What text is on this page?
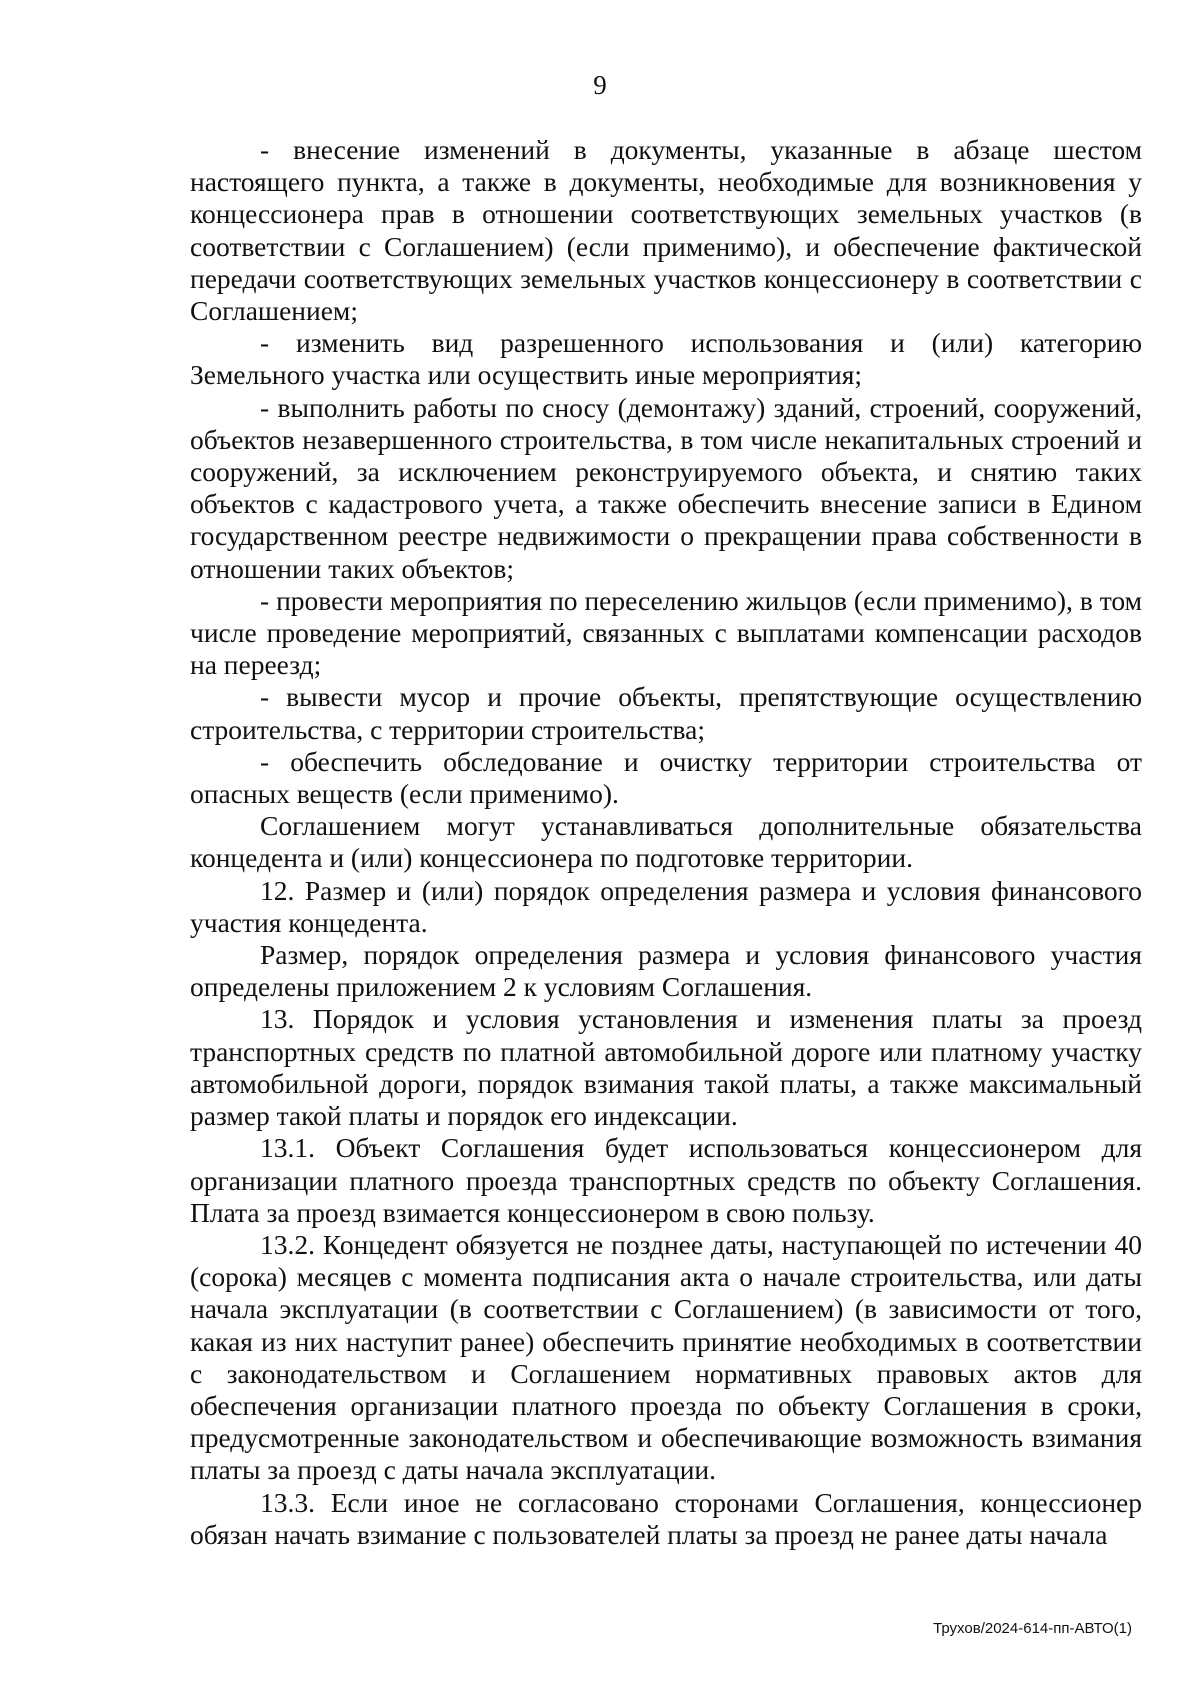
9

- внесение изменений в документы, указанные в абзаце шестом настоящего пункта, а также в документы, необходимые для возникновения у концессионера прав в отношении соответствующих земельных участков (в соответствии с Соглашением) (если применимо), и обеспечение фактической передачи соответствующих земельных участков концессионеру в соответствии с Соглашением;

- изменить вид разрешенного использования и (или) категорию Земельного участка или осуществить иные мероприятия;

- выполнить работы по сносу (демонтажу) зданий, строений, сооружений, объектов незавершенного строительства, в том числе некапитальных строений и сооружений, за исключением реконструируемого объекта, и снятию таких объектов с кадастрового учета, а также обеспечить внесение записи в Едином государственном реестре недвижимости о прекращении права собственности в отношении таких объектов;

- провести мероприятия по переселению жильцов (если применимо), в том числе проведение мероприятий, связанных с выплатами компенсации расходов на переезд;

- вывести мусор и прочие объекты, препятствующие осуществлению строительства, с территории строительства;

- обеспечить обследование и очистку территории строительства от опасных веществ (если применимо).

Соглашением могут устанавливаться дополнительные обязательства концедента и (или) концессионера по подготовке территории.

12. Размер и (или) порядок определения размера и условия финансового участия концедента.

Размер, порядок определения размера и условия финансового участия определены приложением 2 к условиям Соглашения.

13. Порядок и условия установления и изменения платы за проезд транспортных средств по платной автомобильной дороге или платному участку автомобильной дороги, порядок взимания такой платы, а также максимальный размер такой платы и порядок его индексации.

13.1. Объект Соглашения будет использоваться концессионером для организации платного проезда транспортных средств по объекту Соглашения. Плата за проезд взимается концессионером в свою пользу.

13.2. Концедент обязуется не позднее даты, наступающей по истечении 40 (сорока) месяцев с момента подписания акта о начале строительства, или даты начала эксплуатации (в соответствии с Соглашением) (в зависимости от того, какая из них наступит ранее) обеспечить принятие необходимых в соответствии с законодательством и Соглашением нормативных правовых актов для обеспечения организации платного проезда по объекту Соглашения в сроки, предусмотренные законодательством и обеспечивающие возможность взимания платы за проезд с даты начала эксплуатации.

13.3. Если иное не согласовано сторонами Соглашения, концессионер обязан начать взимание с пользователей платы за проезд не ранее даты начала

Трухов/2024-614-пп-АВТО(1)
